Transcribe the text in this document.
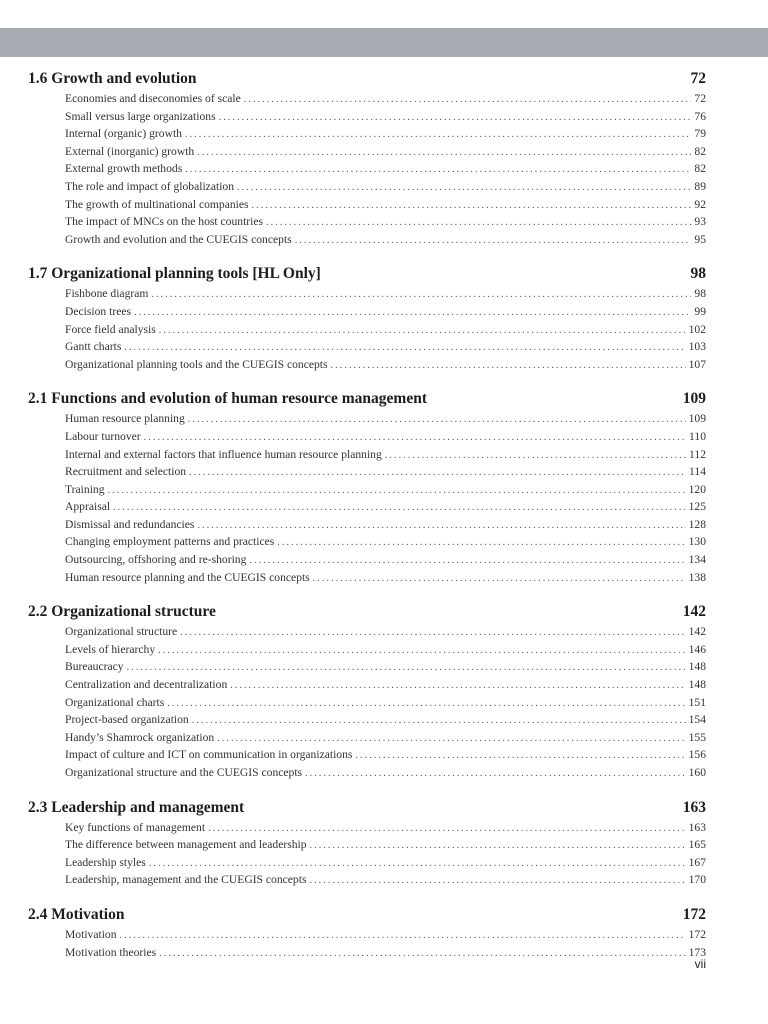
1.6 Growth and evolution	72
Economies and diseconomies of scale .....	72
Small versus large organizations .....	76
Internal (organic) growth .....	79
External (inorganic) growth .....	82
External growth methods .....	82
The role and impact of globalization .....	89
The growth of multinational companies .....	92
The impact of MNCs on the host countries .....	93
Growth and evolution and the CUEGIS concepts .....	95
1.7 Organizational planning tools [HL Only]	98
Fishbone diagram .....	98
Decision trees .....	99
Force field analysis .....	102
Gantt charts .....	103
Organizational planning tools and the CUEGIS concepts .....	107
2.1 Functions and evolution of human resource management	109
Human resource planning .....	109
Labour turnover .....	110
Internal and external factors that influence human resource planning .....	112
Recruitment and selection .....	114
Training .....	120
Appraisal .....	125
Dismissal and redundancies .....	128
Changing employment patterns and practices .....	130
Outsourcing, offshoring and re-shoring .....	134
Human resource planning and the CUEGIS concepts .....	138
2.2 Organizational structure	142
Organizational structure .....	142
Levels of hierarchy .....	146
Bureaucracy .....	148
Centralization and decentralization .....	148
Organizational charts .....	151
Project-based organization .....	154
Handy’s Shamrock organization .....	155
Impact of culture and ICT on communication in organizations .....	156
Organizational structure and the CUEGIS concepts .....	160
2.3 Leadership and management	163
Key functions of management .....	163
The difference between management and leadership .....	165
Leadership styles .....	167
Leadership, management and the CUEGIS concepts .....	170
2.4 Motivation	172
Motivation .....	172
Motivation theories .....	173
vii
